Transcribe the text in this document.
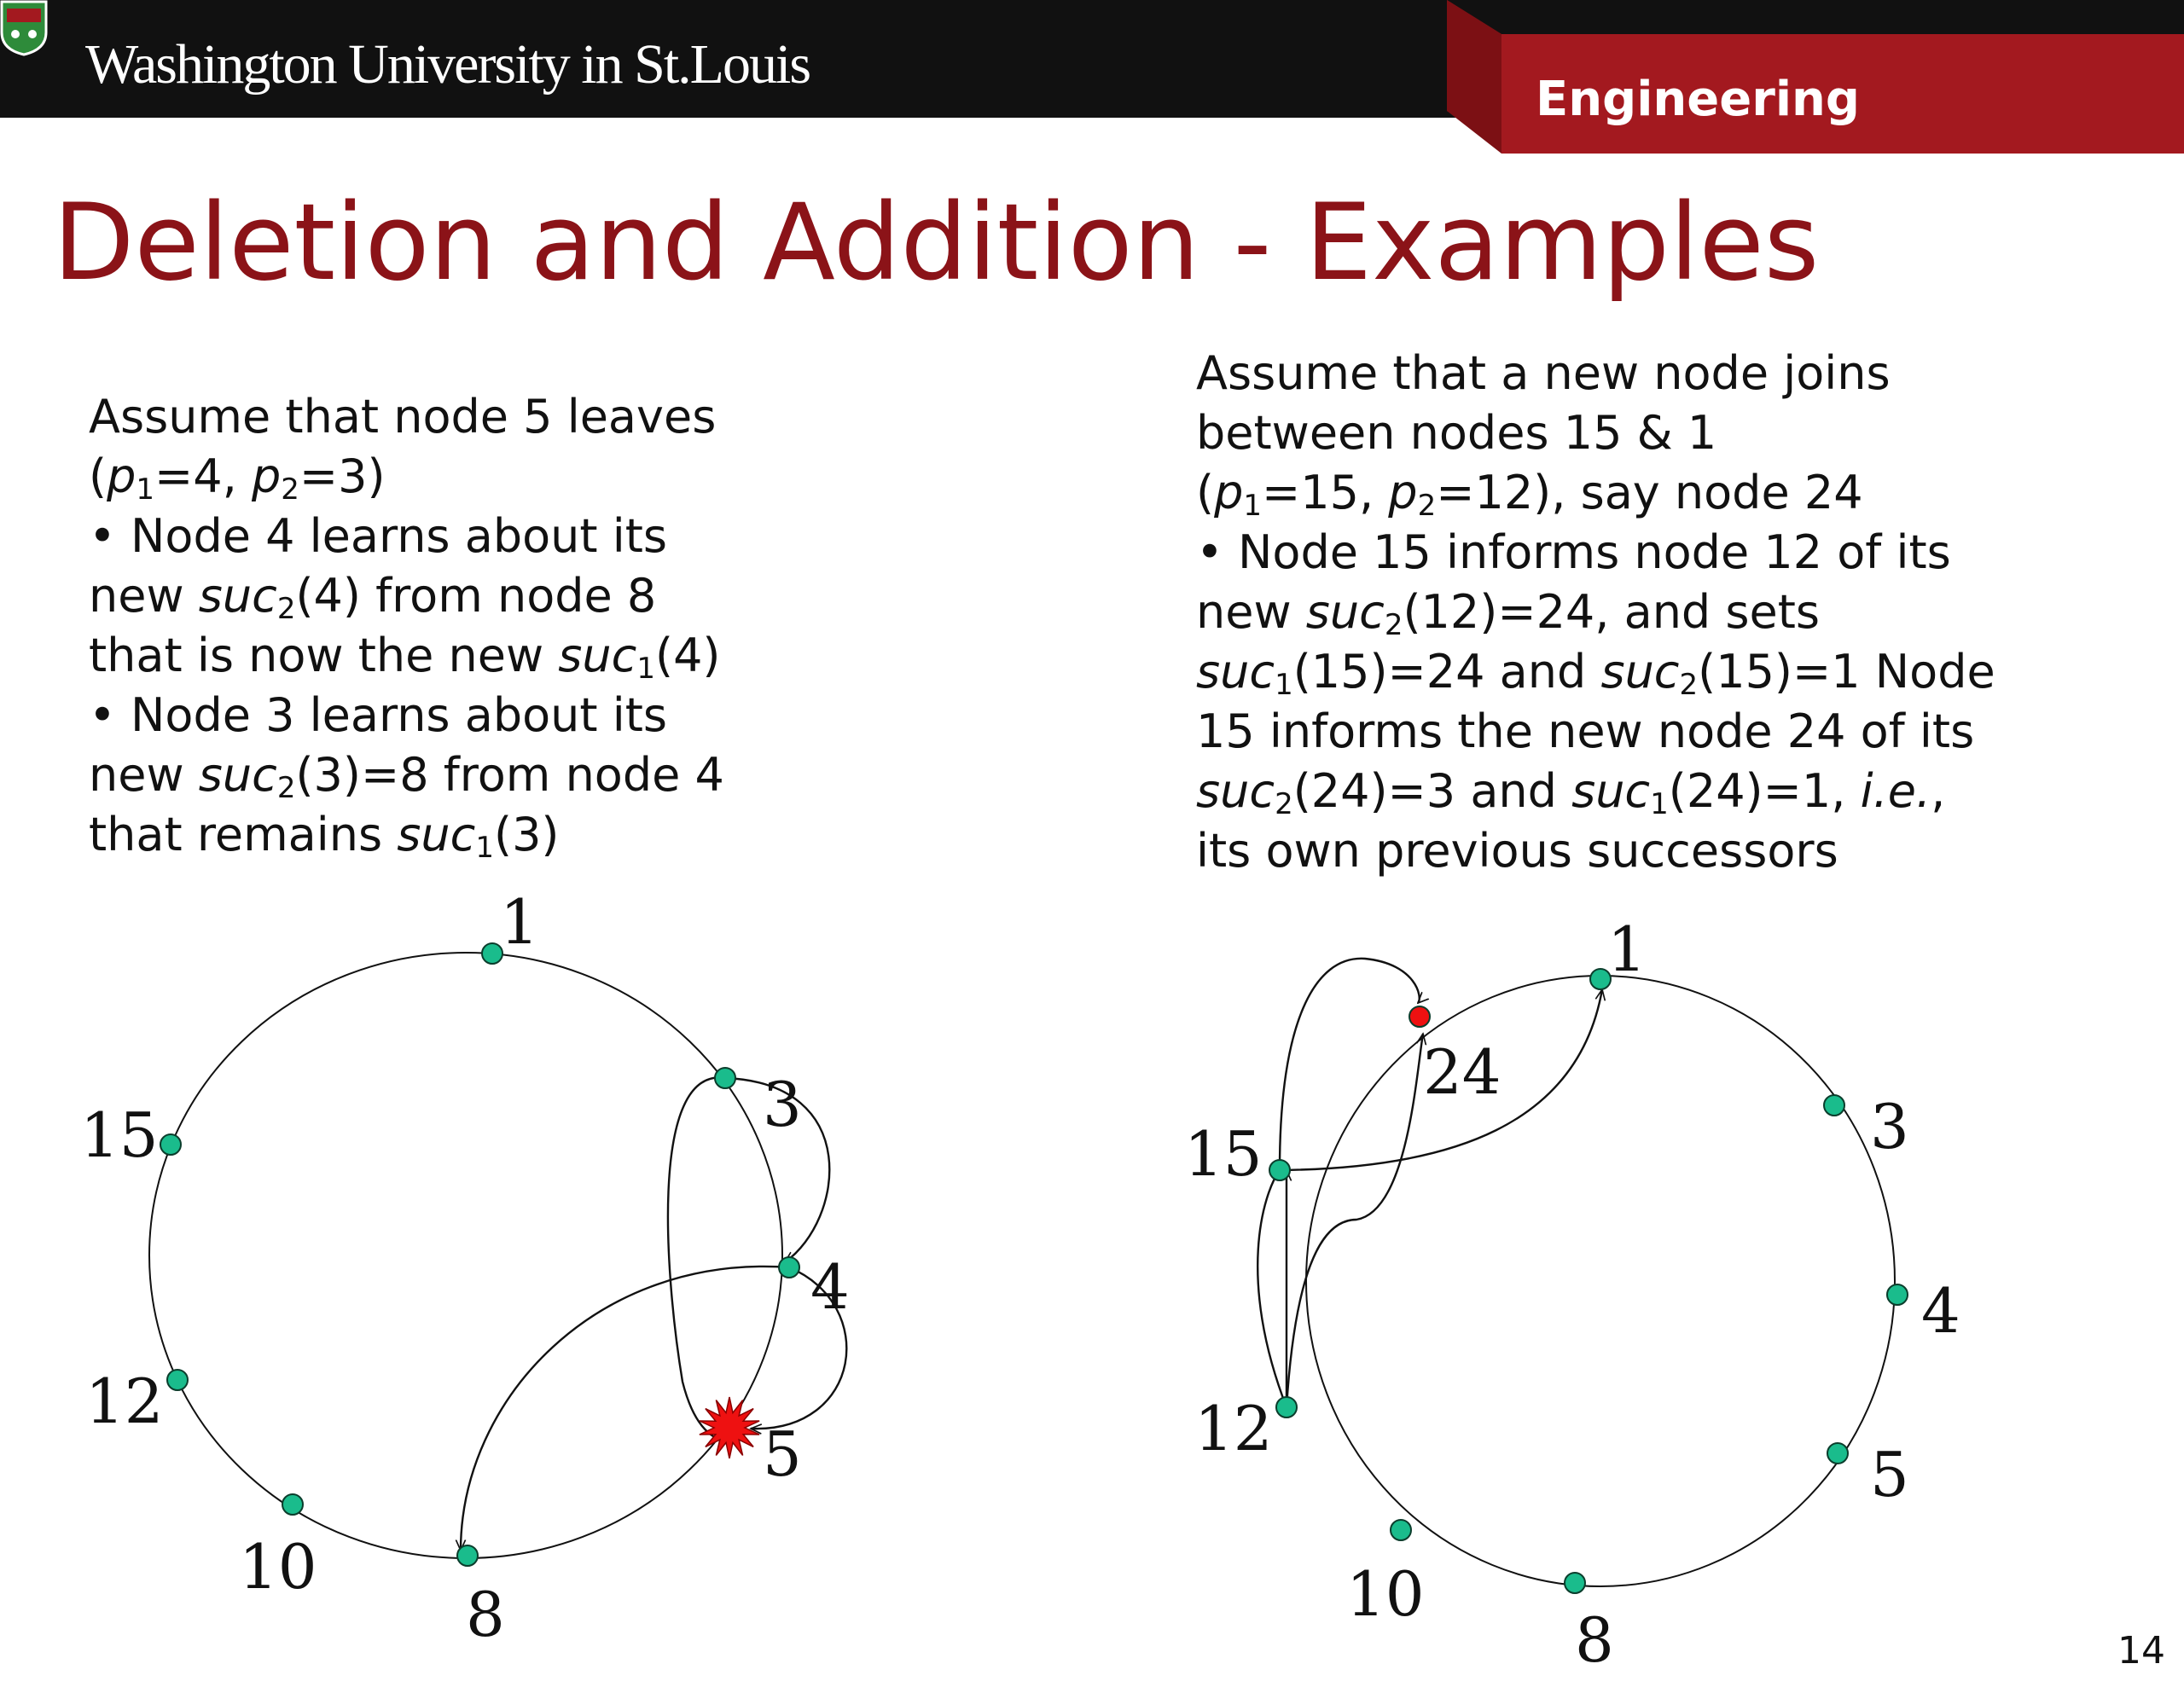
Washington University in St.Louis
Engineering
Deletion and Addition - Examples
Assume that node 5 leaves
($p_1=4$, $p_2=3$)
• Node 4 learns about its
new suc$_2$(4) from node 8
that is now the new suc$_1$(4)
• Node 3 learns about its
new suc$_2$(3)=8 from node 4
that remains suc$_1$(3)
Assume that a new node joins
between nodes 15 & 1
($p_1=15$, $p_2=12$), say node 24
• Node 15 informs node 12 of its
new suc$_2$(12)=24, and sets
suc$_1$(15)=24 and suc$_2$(15)=1 Node
15 informs the new node 24 of its
suc$_2$(24)=3 and suc$_1$(24)=1, i.e.,
its own previous successors
1
3
4
5
8
10
12
15
1
24
3
4
5
8
10
12
15
14
